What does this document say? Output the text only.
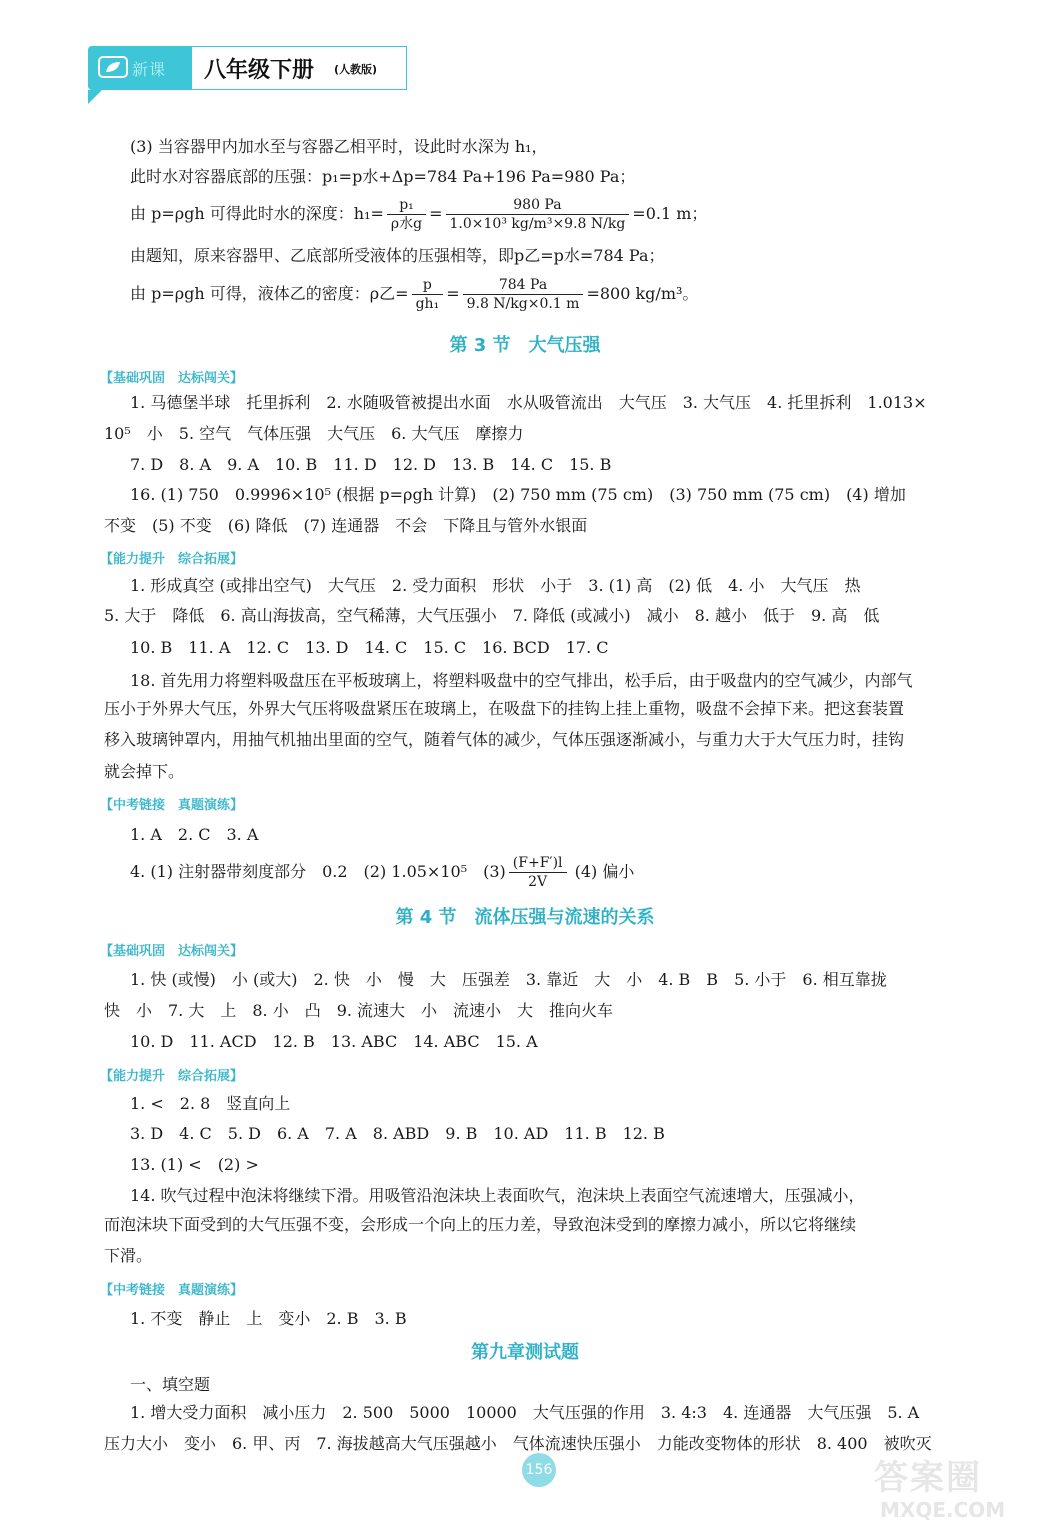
新课 八年级下册 (人教版)
(3) 当容器甲内加水至与容器乙相平时，设此时水深为 h₁，
此时水对容器底部的压强：p₁=p水+Δp=784 Pa+196 Pa=980 Pa；
由 p=ρgh 可得此时水的深度：$h_1= \frac{\text{p₁}}{\text{ρ水g}} = \frac{980 Pa}{\text{1.0×10³ kg/m³×9.8 N/kg}} =0.1$ m；
由题知，原来容器甲、乙底部所受液体的压强相等，即p乙=p水=784 Pa；
由 p=ρgh 可得，液体乙的密度：ρ乙= $\frac{p}{\text{gh₁}} = \frac{784 Pa}{9.8 N/kg\times 0.1 m} =800$ kg/m³。
第 3 节　大气压强
【基础巩固　达标闯关】
1. 马德堡半球　托里拆利　2. 水随吸管被提出水面　水从吸管流出　大气压　3. 大气压　4. 托里拆利　1.013×
10⁵　小　5. 空气　气体压强　大气压　6. 大气压　摩擦力
7. D　8. A　9. A　10. B　11. D　12. D　13. B　14. C　15. B
16. (1) 750　0.9996×10⁵ (根据 p=ρgh 计算)　(2) 750 mm (75 cm)　(3) 750 mm (75 cm)　(4) 增加
不变　(5) 不变　(6) 降低　(7) 连通器　不会　下降且与管外水银面
【能力提升　综合拓展】
1. 形成真空 (或排出空气)　大气压　2. 受力面积　形状　小于　3. (1) 高　(2) 低　4. 小　大气压　热
5. 大于　降低　6. 高山海拔高，空气稀薄，大气压强小　7. 降低 (或减小)　减小　8. 越小　低于　9. 高　低
10. B　11. A　12. C　13. D　14. C　15. C　16. BCD　17. C
18. 首先用力将塑料吸盘压在平板玻璃上，将塑料吸盘中的空气排出，松手后，由于吸盘内的空气减少，内部气
压小于外界大气压，外界大气压将吸盘紧压在玻璃上，在吸盘下的挂钩上挂上重物，吸盘不会掉下来。把这套装置
移入玻璃钟罩内，用抽气机抽出里面的空气，随着气体的减少，气体压强逐渐减小，与重力大于大气压力时，挂钩
就会掉下。
【中考链接　真题演练】
1. A　2. C　3. A
4. (1) 注射器带刻度部分　0.2　(2) 1.05×10⁵　$(3) \frac{(F+F')l}{2V} (4)$ 偏小
第 4 节　流体压强与流速的关系
【基础巩固　达标闯关】
1. 快 (或慢)　小 (或大)　2. 快　小　慢　大　压强差　3. 靠近　大　小　4. B　B　5. 小于　6. 相互靠拢
快　小　7. 大　上　8. 小　凸　9. 流速大　小　流速小　大　推向火车
10. D　11. ACD　12. B　13. ABC　14. ABC　15. A
【能力提升　综合拓展】
1. <　2. 8　竖直向上
3. D　4. C　5. D　6. A　7. A　8. ABD　9. B　10. AD　11. B　12. B
13. (1) <　(2) >
14. 吹气过程中泡沫将继续下滑。用吸管沿泡沫块上表面吹气，泡沫块上表面空气流速增大，压强减小，
而泡沫块下面受到的大气压强不变，会形成一个向上的压力差，导致泡沫受到的摩擦力减小，所以它将继续
下滑。
【中考链接　真题演练】
1. 不变　静止　上　变小　2. B　3. B
第九章测试题
一、填空题
1. 增大受力面积　减小压力　2. 500　5000　10000　大气压强的作用　3. 4:3　4. 连通器　大气压强　5. A
压力大小　变小　6. 甲、丙　7. 海拔越高大气压强越小　气体流速快压强小　力能改变物体的形状　8. 400　被吹灭
156	答案圈
MXQE.COM
